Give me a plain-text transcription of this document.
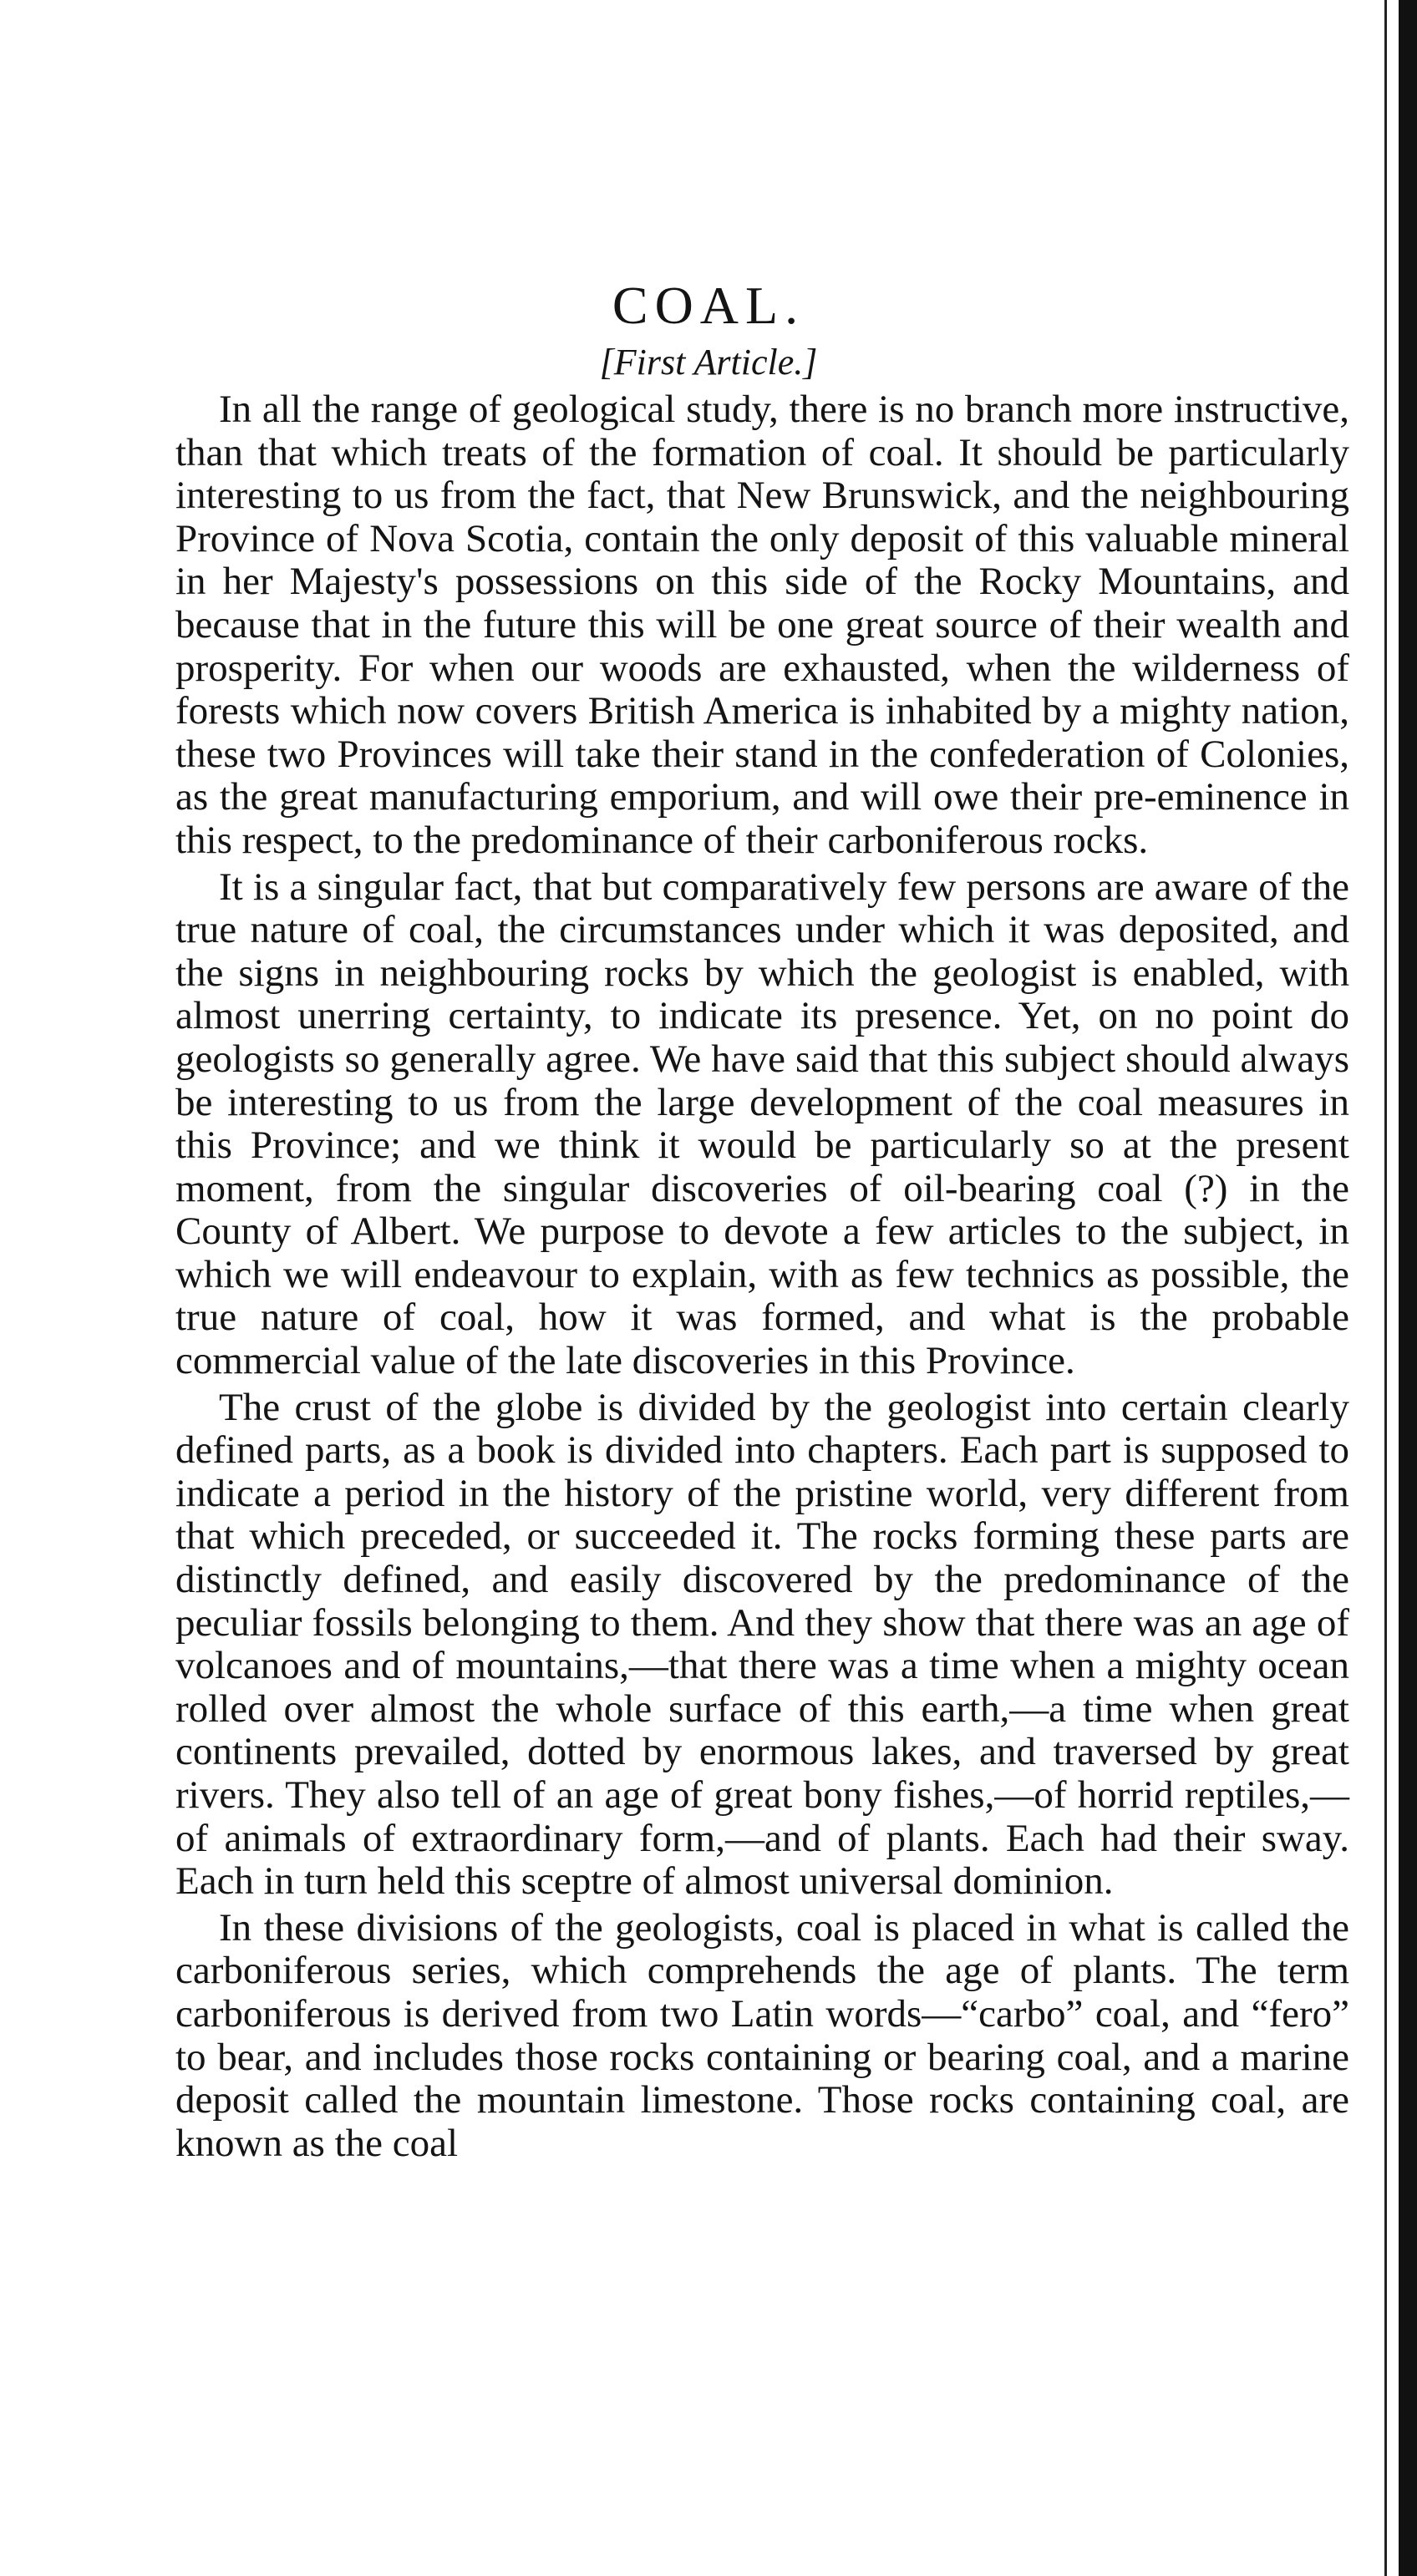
COAL.
[First Article.]

In all the range of geological study, there is no branch more instructive, than that which treats of the formation of coal. It should be particularly interesting to us from the fact, that New Brunswick, and the neighbouring Province of Nova Scotia, contain the only deposit of this valuable mineral in her Majesty's possessions on this side of the Rocky Mountains, and because that in the future this will be one great source of their wealth and prosperity. For when our woods are exhausted, when the wilderness of forests which now covers British America is inhabited by a mighty nation, these two Provinces will take their stand in the confederation of Colonies, as the great manufacturing emporium, and will owe their pre-eminence in this respect, to the predominance of their carboniferous rocks.

It is a singular fact, that but comparatively few persons are aware of the true nature of coal, the circumstances under which it was deposited, and the signs in neighbouring rocks by which the geologist is enabled, with almost unerring certainty, to indicate its presence. Yet, on no point do geologists so generally agree. We have said that this subject should always be interesting to us from the large development of the coal measures in this Province; and we think it would be particularly so at the present moment, from the singular discoveries of oil-bearing coal (?) in the County of Albert. We purpose to devote a few articles to the subject, in which we will endeavour to explain, with as few technics as possible, the true nature of coal, how it was formed, and what is the probable commercial value of the late discoveries in this Province.

The crust of the globe is divided by the geologist into certain clearly defined parts, as a book is divided into chapters. Each part is supposed to indicate a period in the history of the pristine world, very different from that which preceded, or succeeded it. The rocks forming these parts are distinctly defined, and easily discovered by the predominance of the peculiar fossils belonging to them. And they show that there was an age of volcanoes and of mountains,—that there was a time when a mighty ocean rolled over almost the whole surface of this earth,—a time when great continents prevailed, dotted by enormous lakes, and traversed by great rivers. They also tell of an age of great bony fishes,—of horrid reptiles,—of animals of extraordinary form,—and of plants. Each had their sway. Each in turn held this sceptre of almost universal dominion.

In these divisions of the geologists, coal is placed in what is called the carboniferous series, which comprehends the age of plants. The term carboniferous is derived from two Latin words—“carbo” coal, and “fero” to bear, and includes those rocks containing or bearing coal, and a marine deposit called the mountain limestone. Those rocks containing coal, are known as the coal
